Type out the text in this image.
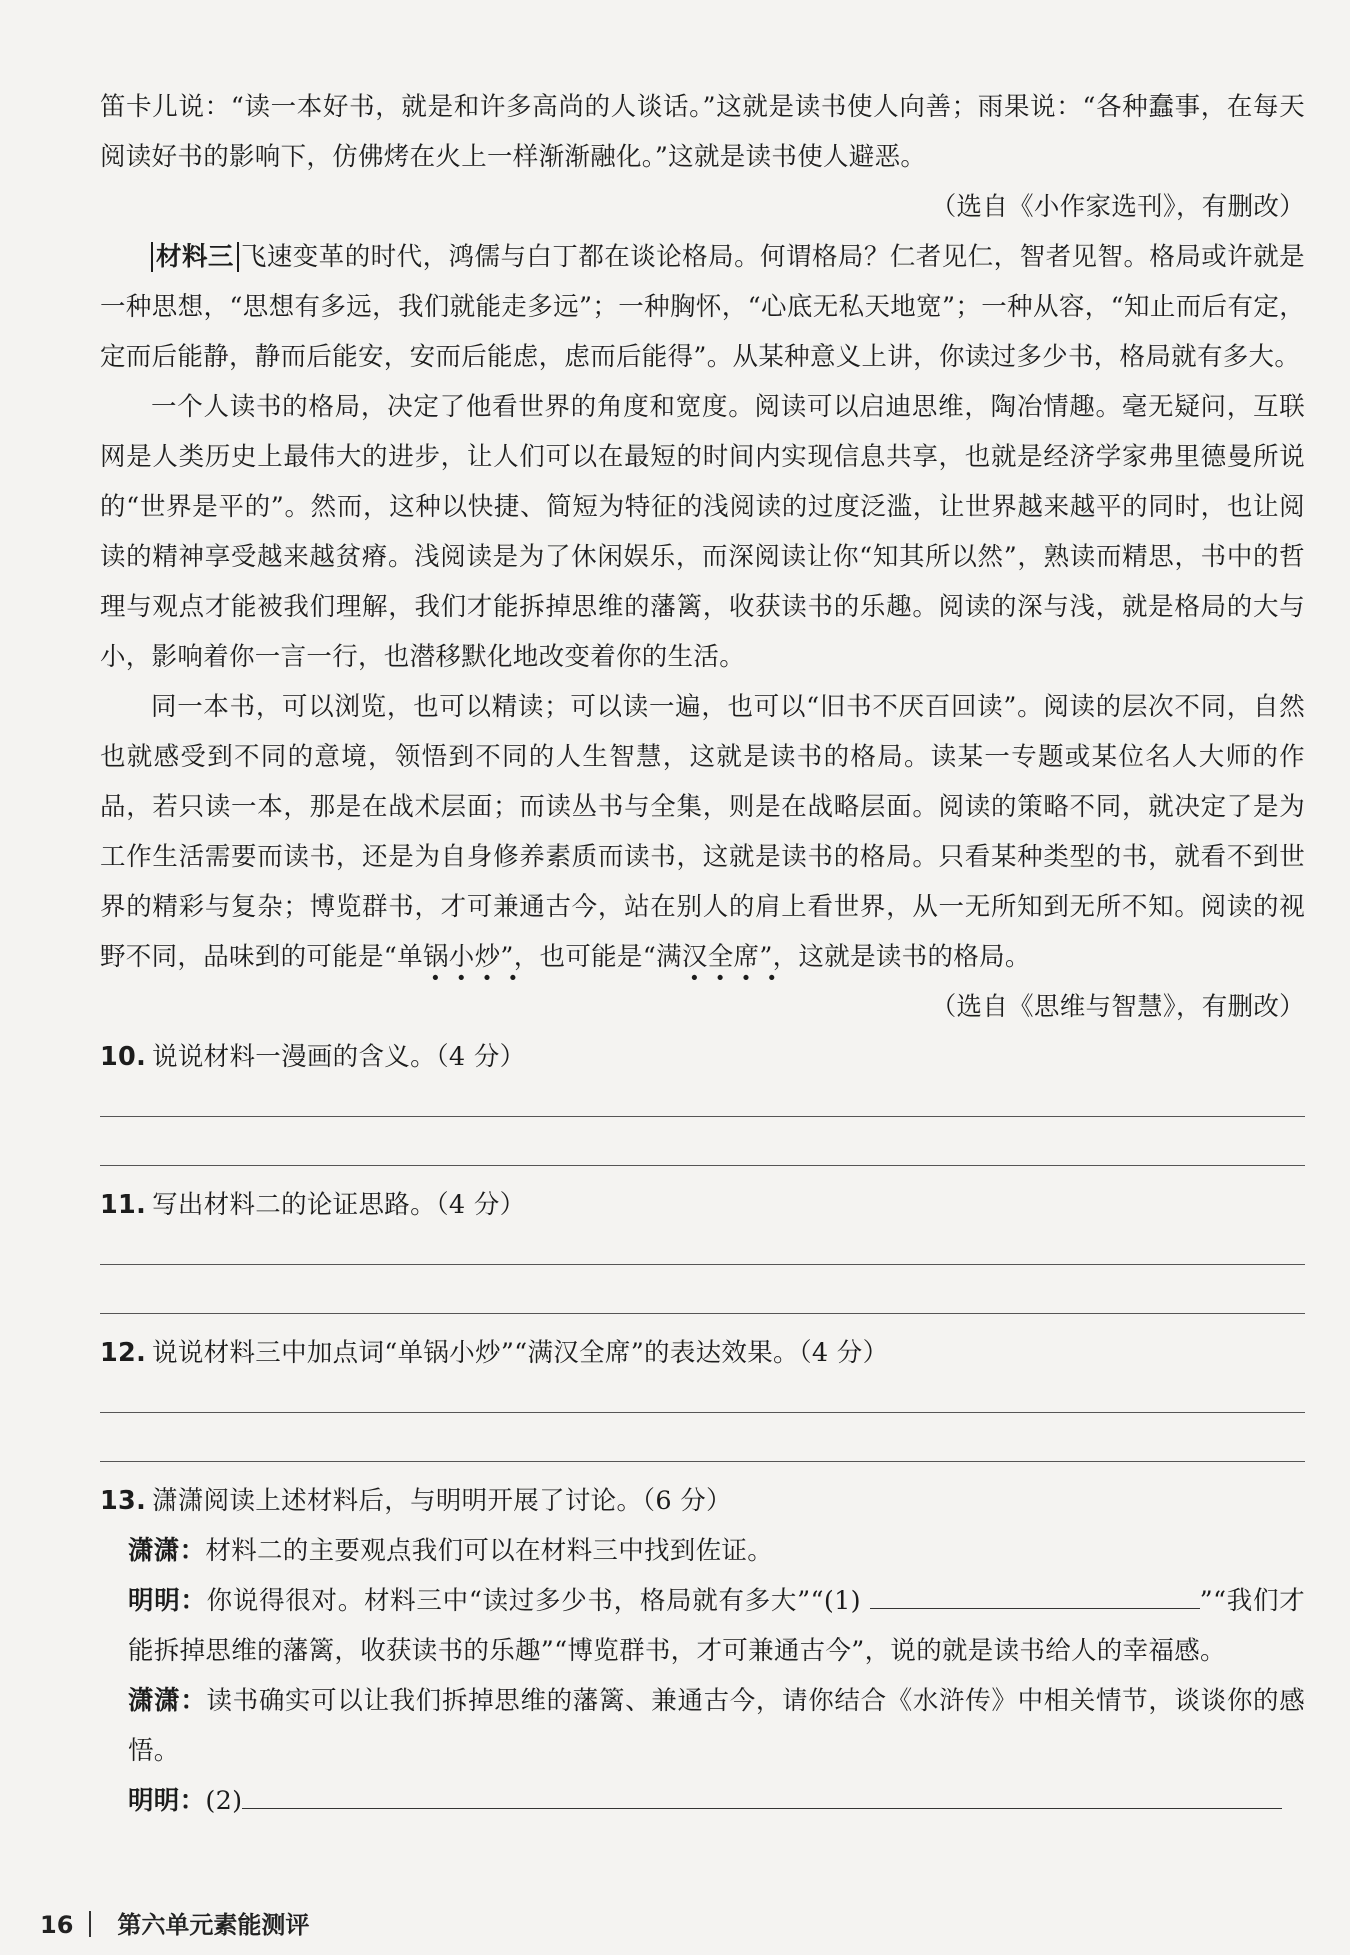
笛卡儿说：“读一本好书，就是和许多高尚的人谈话。”这就是读书使人向善；雨果说：“各种蠢事，在每天阅读好书的影响下，仿佛烤在火上一样渐渐融化。”这就是读书使人避恶。

（选自《小作家选刊》，有删改）

材料三 飞速变革的时代，鸿儒与白丁都在谈论格局。何谓格局？仁者见仁，智者见智。格局或许就是一种思想，“思想有多远，我们就能走多远”；一种胸怀，“心底无私天地宽”；一种从容，“知止而后有定，定而后能静，静而后能安，安而后能虑，虑而后能得”。从某种意义上讲，你读过多少书，格局就有多大。

一个人读书的格局，决定了他看世界的角度和宽度。阅读可以启迪思维，陶冶情趣。毫无疑问，互联网是人类历史上最伟大的进步，让人们可以在最短的时间内实现信息共享，也就是经济学家弗里德曼所说的“世界是平的”。然而，这种以快捷、简短为特征的浅阅读的过度泛滥，让世界越来越平的同时，也让阅读的精神享受越来越贫瘠。浅阅读是为了休闲娱乐，而深阅读让你“知其所以然”，熟读而精思，书中的哲理与观点才能被我们理解，我们才能拆掉思维的藩篱，收获读书的乐趣。阅读的深与浅，就是格局的大与小，影响着你一言一行，也潜移默化地改变着你的生活。

同一本书，可以浏览，也可以精读；可以读一遍，也可以“旧书不厌百回读”。阅读的层次不同，自然也就感受到不同的意境，领悟到不同的人生智慧，这就是读书的格局。读某一专题或某位名人大师的作品，若只读一本，那是在战术层面；而读丛书与全集，则是在战略层面。阅读的策略不同，就决定了是为工作生活需要而读书，还是为自身修养素质而读书，这就是读书的格局。只看某种类型的书，就看不到世界的精彩与复杂；博览群书，才可兼通古今，站在别人的肩上看世界，从一无所知到无所不知。阅读的视野不同，品味到的可能是“单锅小炒”，也可能是“满汉全席”，这就是读书的格局。

（选自《思维与智慧》，有删改）

10. 说说材料一漫画的含义。（4 分）

11. 写出材料二的论证思路。（4 分）

12. 说说材料三中加点词“单锅小炒”“满汉全席”的表达效果。（4 分）

13. 潇潇阅读上述材料后，与明明开展了讨论。（6 分）

潇潇：材料二的主要观点我们可以在材料三中找到佐证。

明明：你说得很对。材料三中“读过多少书，格局就有多大”“(1)	”“我们才能拆掉思维的藩篱，收获读书的乐趣”“博览群书，才可兼通古今”，说的就是读书给人的幸福感。

潇潇：读书确实可以让我们拆掉思维的藩篱、兼通古今，请你结合《水浒传》中相关情节，谈谈你的感悟。

明明：(2)

16 第六单元素能测评
